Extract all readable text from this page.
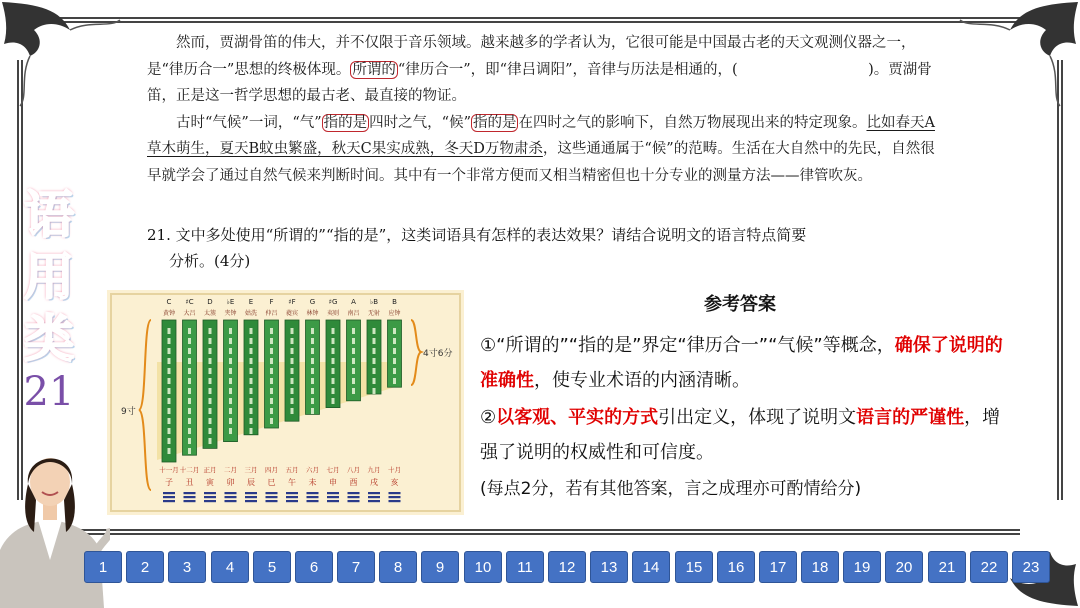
然而，贾湖骨笛的伟大，并不仅限于音乐领域。越来越多的学者认为，它很可能是中国最古老的天文观测仪器之一，是“律历合一”思想的终极体现。 所谓的 “律历合一”，即“律吕调阳”，音律与历法是相通的，(　　　　　　　　　)。贾湖骨笛，正是这一哲学思想的最古老、最直接的物证。

古时“气候”一词，“气” 指的是 四时之气，“候” 指的是 在四时之气的影响下，自然万物展现出来的特定现象。比如春天A草木萌生，夏天B蚊虫繁盛，秋天C果实成熟，冬天D万物肃杀，这些通通属于“候”的范畴。生活在大自然中的先民，自然很早就学会了通过自然气候来判断时间。其中有一个非常方便而又相当精密但也十分专业的测量方法——律管吹灰。

21. 文中多处使用“所谓的”“指的是”，这类词语具有怎样的表达效果？请结合说明文的语言特点简要
分析。(4分)
语
用
类
21
C
黄钟
十一月
子
♯C
大吕
十二月
丑
D
太簇
正月
寅
♭E
夹钟
二月
卯
E
姑洗
三月
辰
F
仲吕
四月
巳
♯F
蕤宾
五月
午
G
林钟
六月
未
♯G
夷则
七月
申
A
南吕
八月
酉
♭B
无射
九月
戌
B
应钟
十月
亥
9寸
4寸6分
参考答案
①“所谓的”“指的是”界定“律历合一”“气候”等概念，确保了说明的准确性，使专业术语的内涵清晰。
②以客观、平实的方式引出定义，体现了说明文语言的严谨性，增强了说明的权威性和可信度。
(每点2分，若有其他答案，言之成理亦可酌情给分)
1	2	3	4	5	6	7	8	9	10	11	12	13	14	15	16	17	18	19	20	21	22	23
